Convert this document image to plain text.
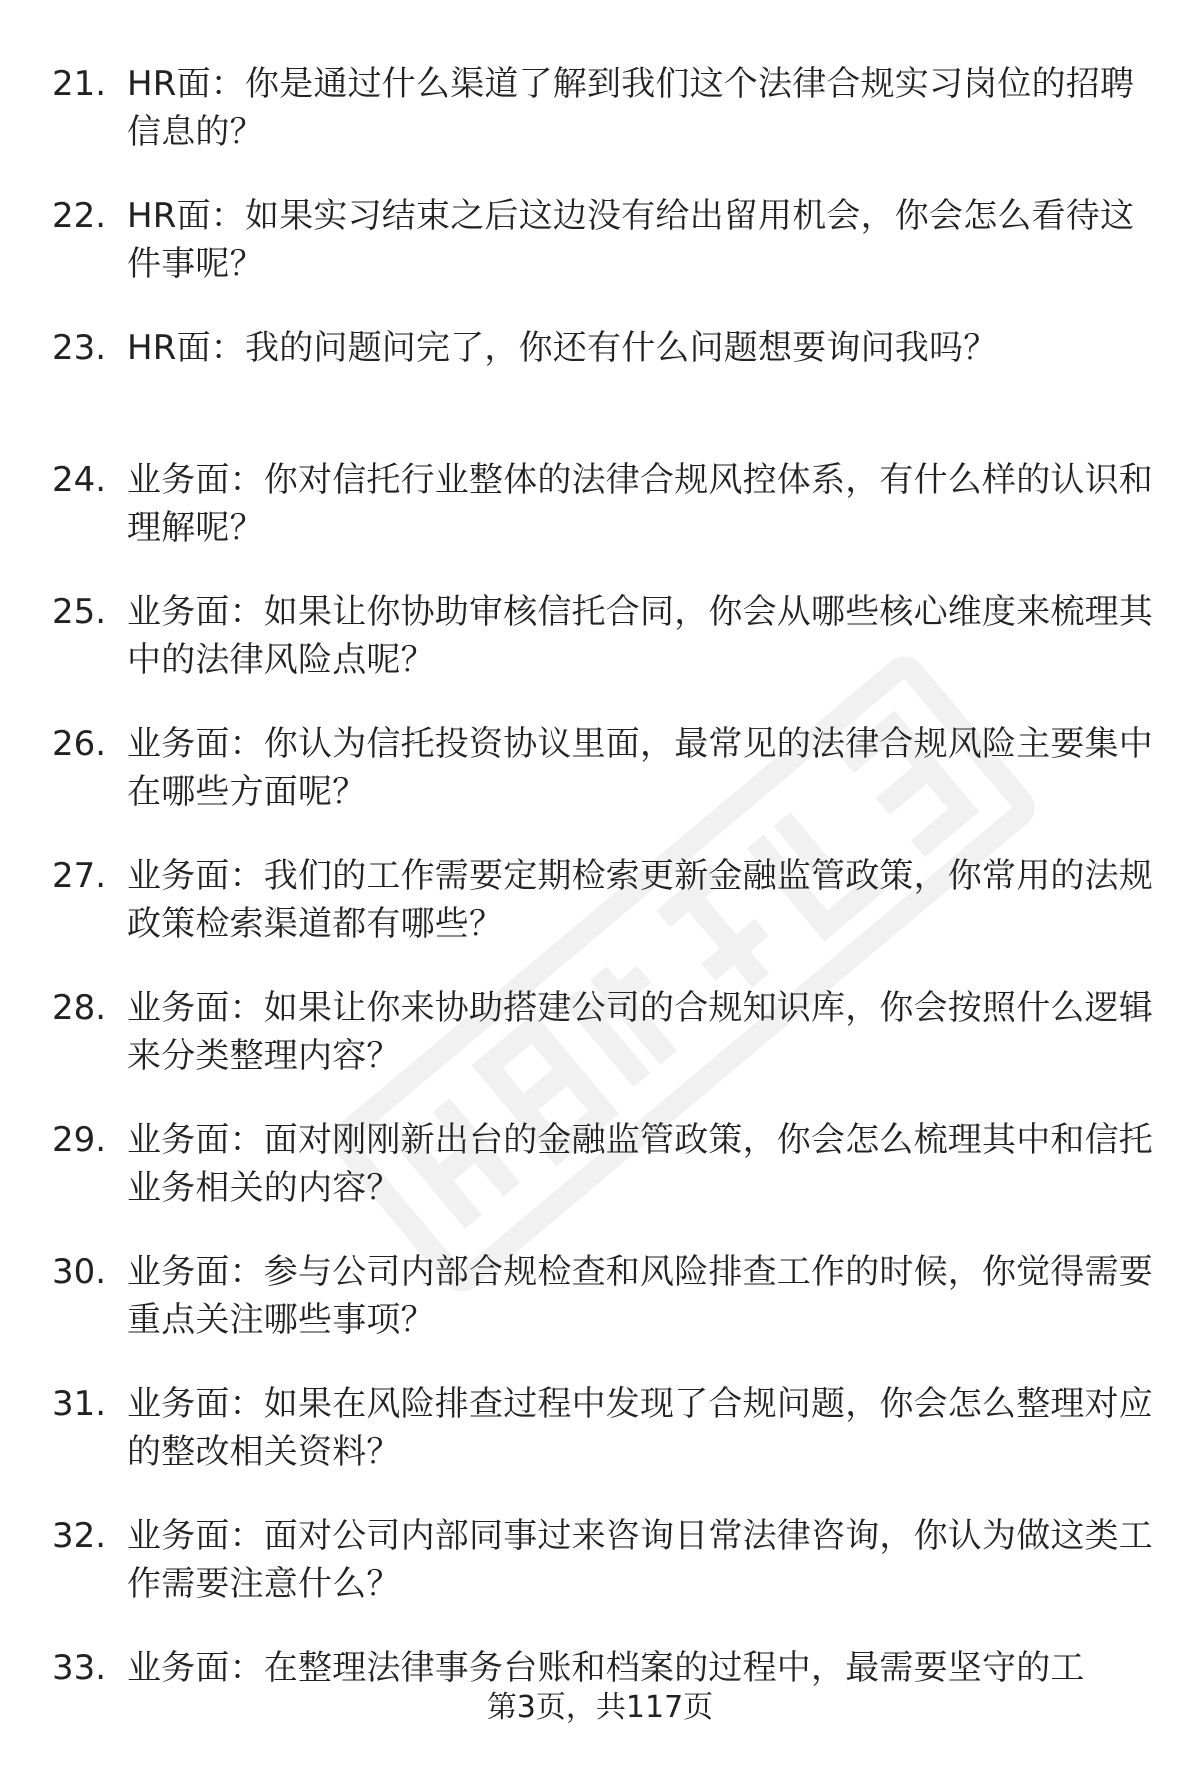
21. HR面：你是通过什么渠道了解到我们这个法律合规实习岗位的招聘信息的？
22. HR面：如果实习结束之后这边没有给出留用机会，你会怎么看待这件事呢？
23. HR面：我的问题问完了，你还有什么问题想要询问我吗？
24. 业务面：你对信托行业整体的法律合规风控体系，有什么样的认识和理解呢？
25. 业务面：如果让你协助审核信托合同，你会从哪些核心维度来梳理其中的法律风险点呢？
26. 业务面：你认为信托投资协议里面，最常见的法律合规风险主要集中在哪些方面呢？
27. 业务面：我们的工作需要定期检索更新金融监管政策，你常用的法规政策检索渠道都有哪些？
28. 业务面：如果让你来协助搭建公司的合规知识库，你会按照什么逻辑来分类整理内容？
29. 业务面：面对刚刚新出台的金融监管政策，你会怎么梳理其中和信托业务相关的内容？
30. 业务面：参与公司内部合规检查和风险排查工作的时候，你觉得需要重点关注哪些事项？
31. 业务面：如果在风险排查过程中发现了合规问题，你会怎么整理对应的整改相关资料？
32. 业务面：面对公司内部同事过来咨询日常法律咨询，你认为做这类工作需要注意什么？
33. 业务面：在整理法律事务台账和档案的过程中，最需要坚守的工
第3页，共117页
